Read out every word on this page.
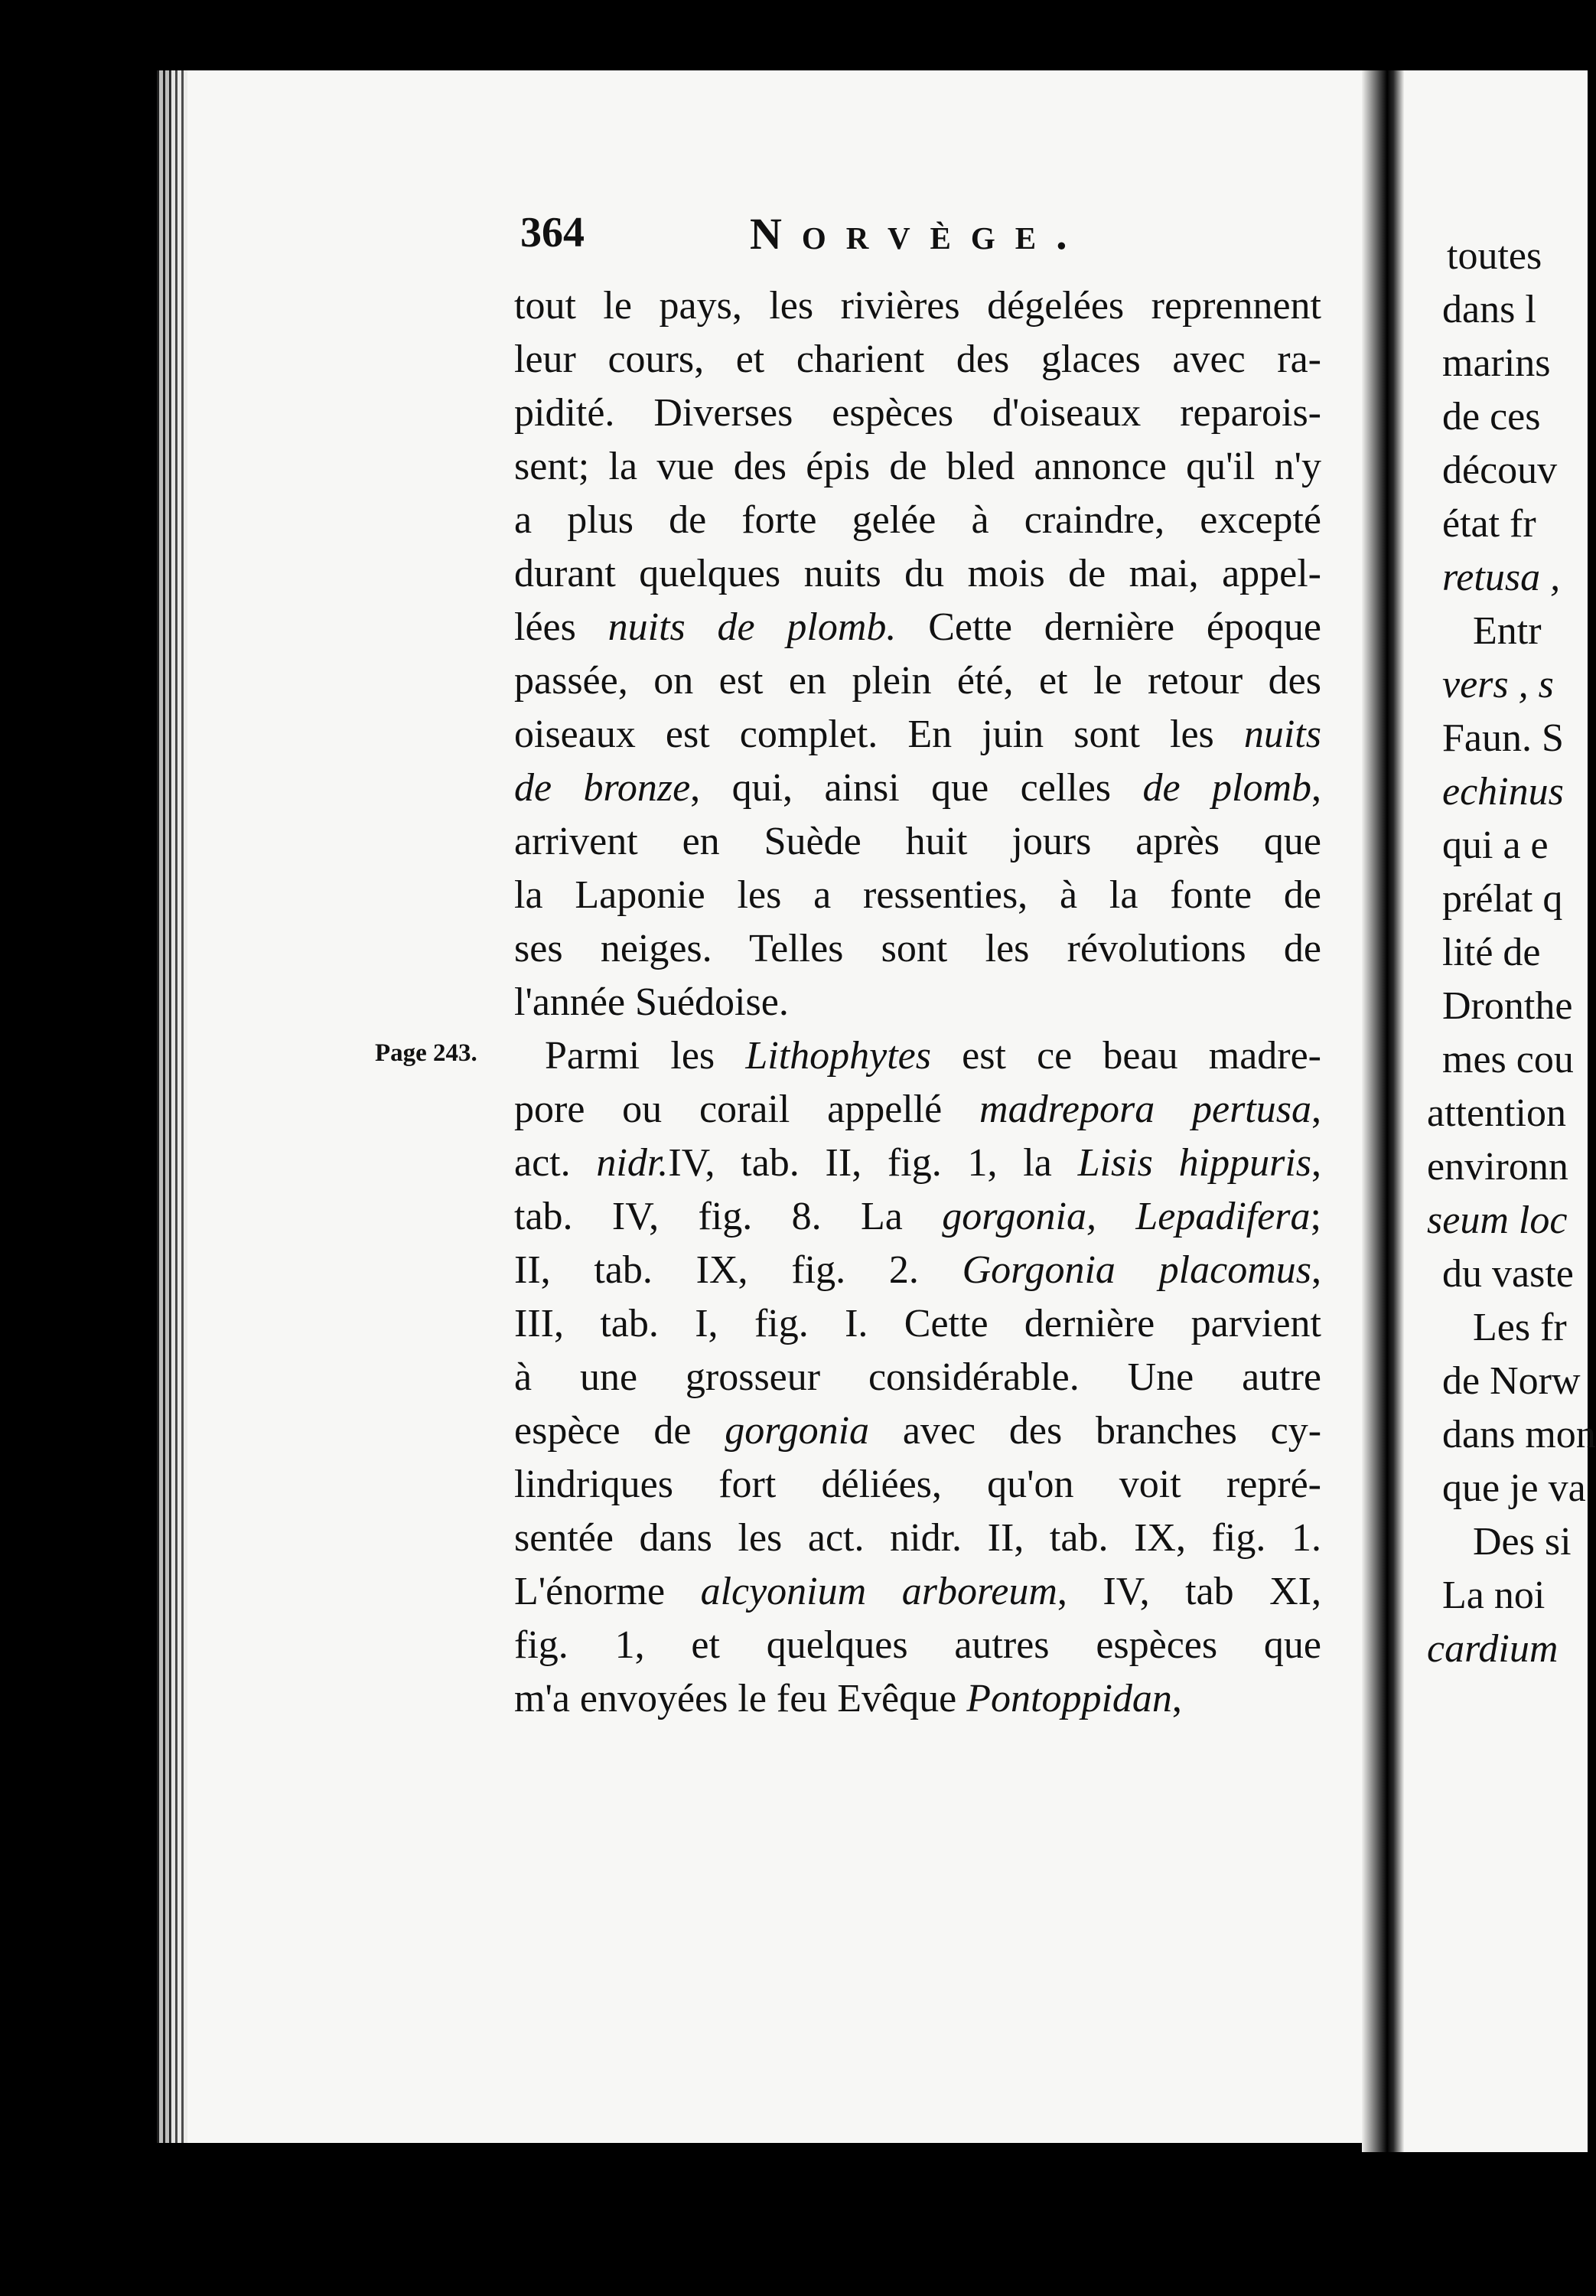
364	Norvège.
Page 243.
tout le pays, les rivières dégelées reprennent
leur cours, et charient des glaces avec ra-
pidité. Diverses espèces d'oiseaux reparois-
sent; la vue des épis de bled annonce qu'il n'y
a plus de forte gelée à craindre, excepté
durant quelques nuits du mois de mai, appel-
lées nuits de plomb. Cette dernière époque
passée, on est en plein été, et le retour des
oiseaux est complet. En juin sont les nuits
de bronze, qui, ainsi que celles de plomb,
arrivent en Suède huit jours après que
la Laponie les a ressenties, à la fonte de
ses neiges. Telles sont les révolutions de
l'année Suédoise.
Parmi les Lithophytes est ce beau madre-
pore ou corail appellé madrepora pertusa,
act. nidr.IV, tab. II, fig. 1, la Lisis hippuris,
tab. IV, fig. 8. La gorgonia, Lepadifera;
II, tab. IX, fig. 2. Gorgonia placomus,
III, tab. I, fig. I. Cette dernière parvient
à une grosseur considérable. Une autre
espèce de gorgonia avec des branches cy-
lindriques fort déliées, qu'on voit repré-
sentée dans les act. nidr. II, tab. IX, fig. 1.
L'énorme alcyonium arboreum, IV, tab XI,
fig. 1, et quelques autres espèces que
m'a envoyées le feu Evêque Pontoppidan,
toutes
dans l
marins
de ces
découv
état fr
retusa ,
Entr
vers , s
Faun. S
echinus
qui a e
prélat q
lité de
Dronthe
mes cou
attention
environn
seum loc
du vaste
Les fr
de Norw
dans mon
que je va
Des si
La noi
cardium
